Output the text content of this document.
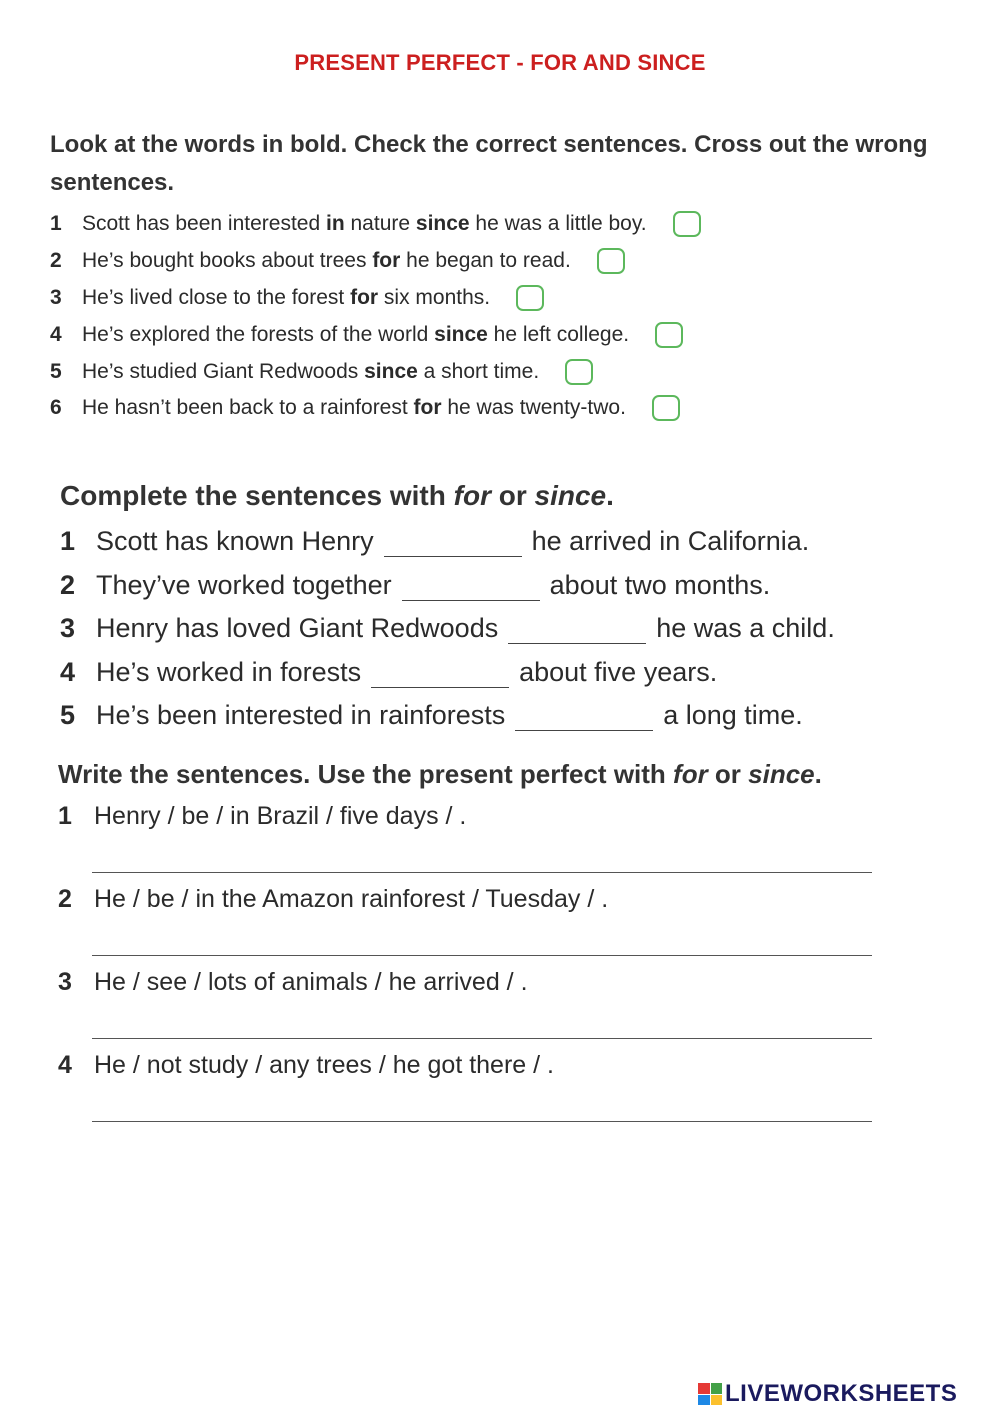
PRESENT PERFECT - FOR AND SINCE
Look at the words in bold. Check the correct sentences. Cross out the wrong sentences.
1 Scott has been interested in nature since he was a little boy.
2 He’s bought books about trees for he began to read.
3 He’s lived close to the forest for six months.
4 He’s explored the forests of the world since he left college.
5 He’s studied Giant Redwoods since a short time.
6 He hasn’t been back to a rainforest for he was twenty-two.
Complete the sentences with for or since.
1 Scott has known Henry	he arrived in California.
2 They’ve worked together	about two months.
3 Henry has loved Giant Redwoods	he was a child.
4 He’s worked in forests	about five years.
5 He’s been interested in rainforests	a long time.
Write the sentences. Use the present perfect with for or since.
1 Henry / be / in Brazil / five days / .
2 He / be / in the Amazon rainforest / Tuesday / .
3 He / see / lots of animals / he arrived / .
4 He / not study / any trees / he got there / .
LIVEWORKSHEETS
